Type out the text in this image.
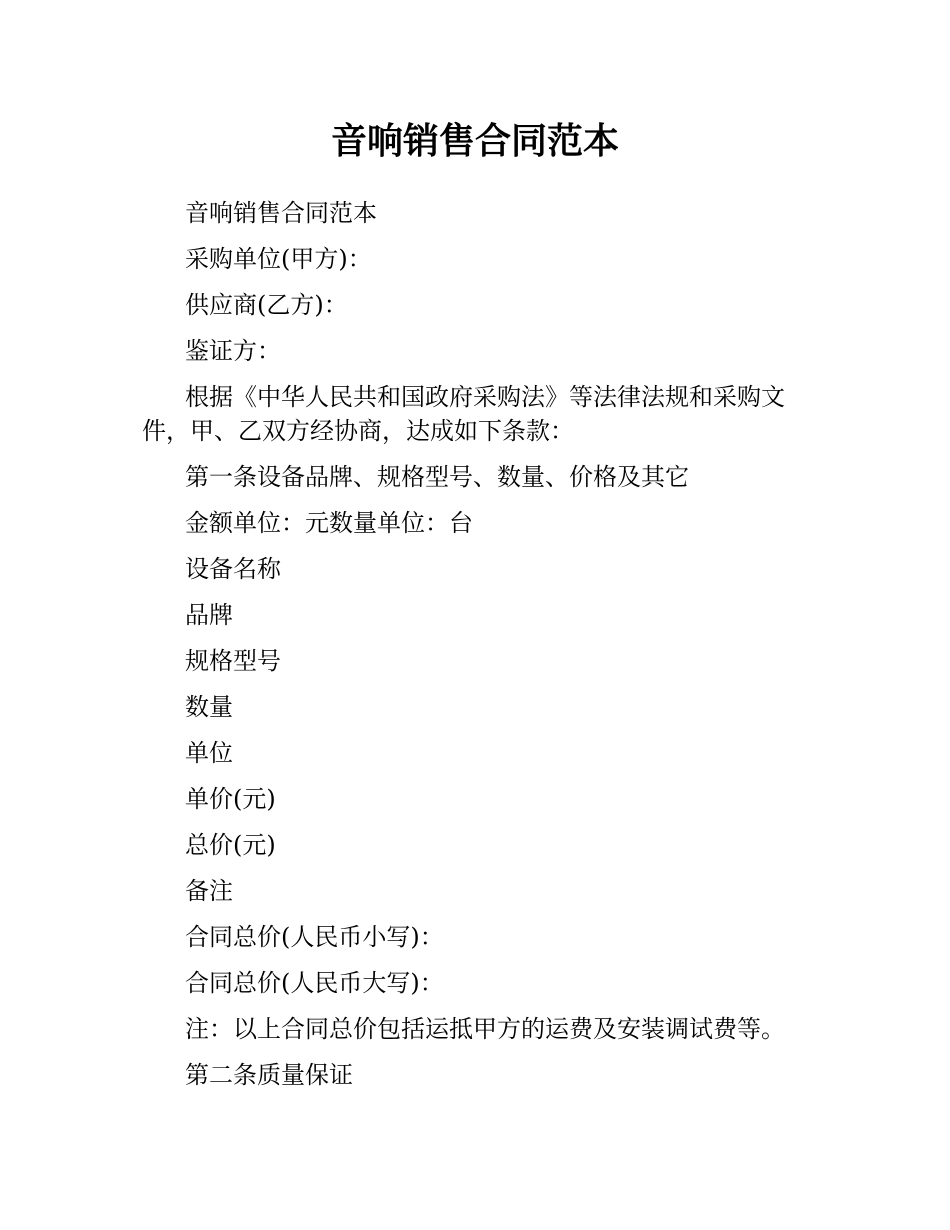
音响销售合同范本

音响销售合同范本

采购单位(甲方)：

供应商(乙方)：

鉴证方：

根据《中华人民共和国政府采购法》等法律法规和采购文件，甲、乙双方经协商，达成如下条款：

第一条设备品牌、规格型号、数量、价格及其它

金额单位：元数量单位：台

设备名称

品牌

规格型号

数量

单位

单价(元)

总价(元)

备注

合同总价(人民币小写)：

合同总价(人民币大写)：

注：以上合同总价包括运抵甲方的运费及安装调试费等。

第二条质量保证
